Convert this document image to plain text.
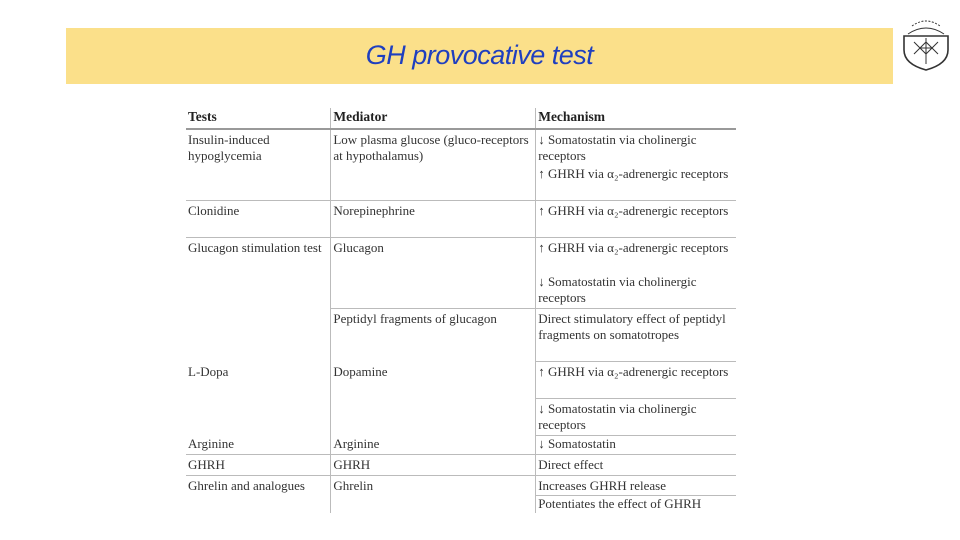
GH provocative test
Tests	Mediator	Mechanism
Insulin-induced hypoglycemia	Low plasma glucose (gluco-receptors at hypothalamus)	↓ Somatostatin via cholinergic receptors
		↑ GHRH via α₂-adrenergic receptors
Clonidine	Norepinephrine	↑ GHRH via α₂-adrenergic receptors
Glucagon stimulation test	Glucagon	↑ GHRH via α₂-adrenergic receptors
		↓ Somatostatin via cholinergic receptors
	Peptidyl fragments of glucagon	Direct stimulatory effect of peptidyl fragments on somatotropes
L-Dopa	Dopamine	↑ GHRH via α₂-adrenergic receptors
		↓ Somatostatin via cholinergic receptors
Arginine	Arginine	↓ Somatostatin
GHRH	GHRH	Direct effect
Ghrelin and analogues	Ghrelin	Increases GHRH release
		Potentiates the effect of GHRH
